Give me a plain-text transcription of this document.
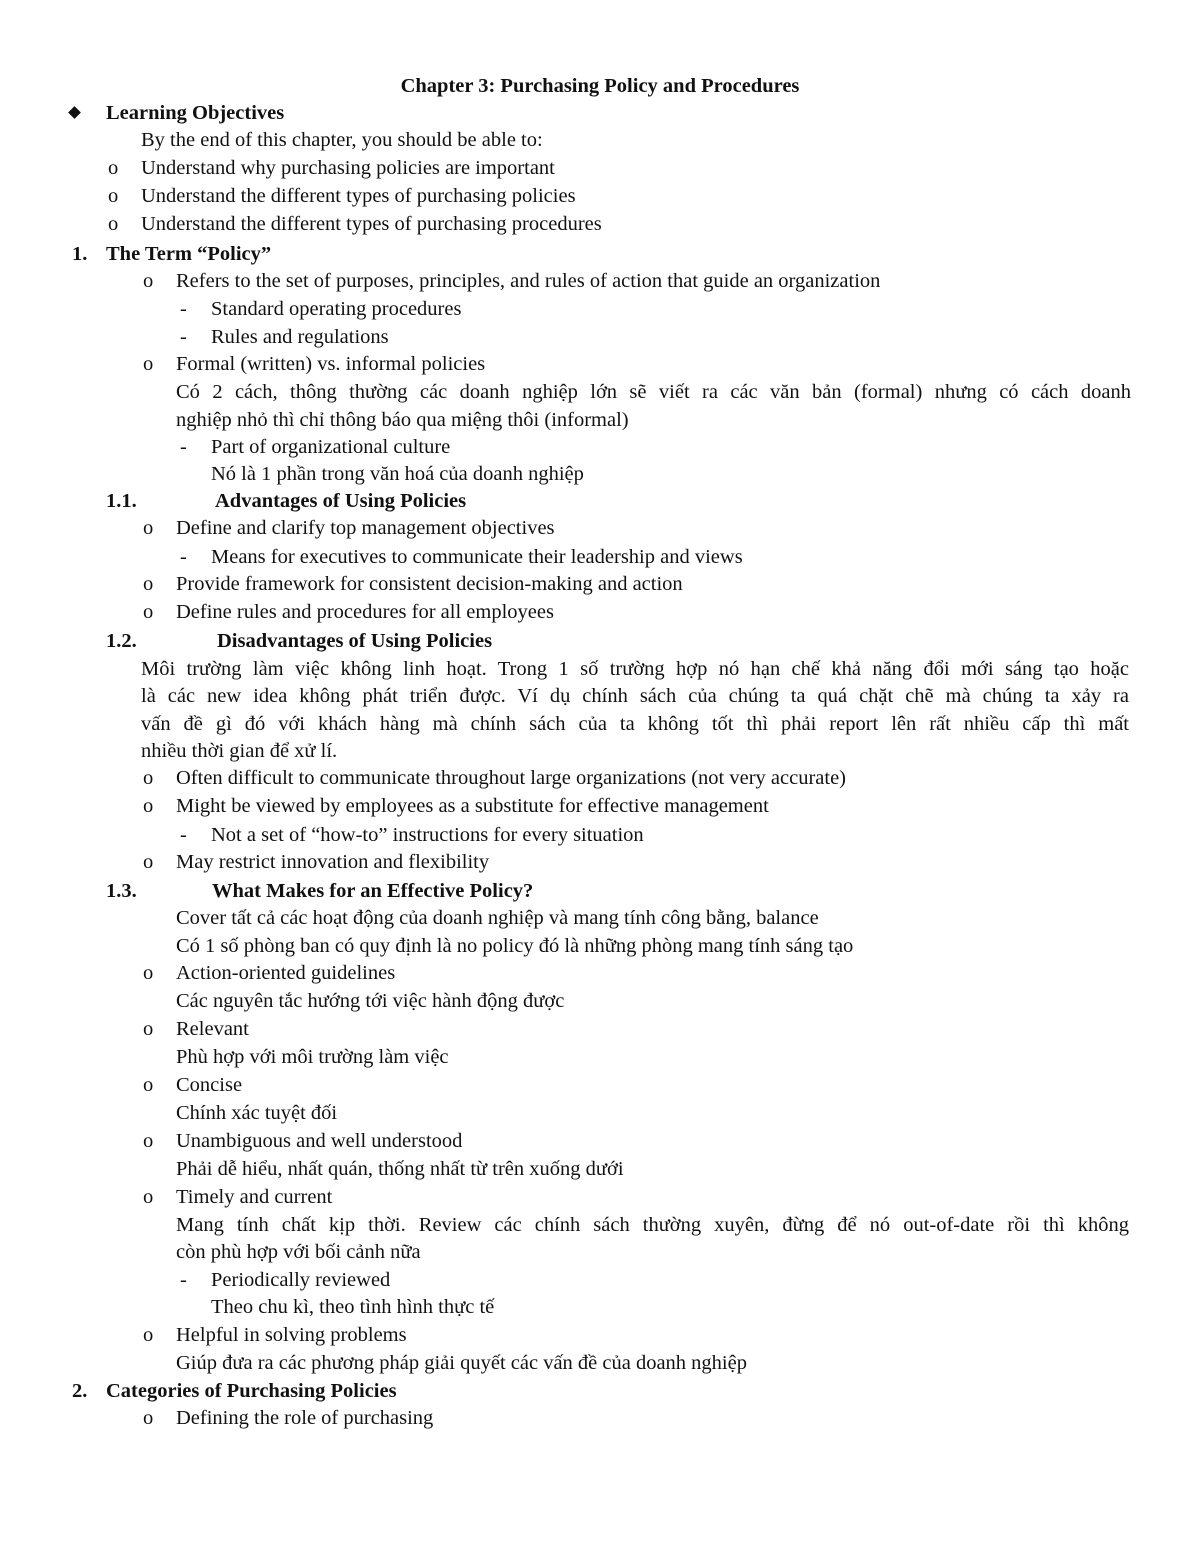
Chapter 3: Purchasing Policy and Procedures
Learning Objectives
By the end of this chapter, you should be able to:
o Understand why purchasing policies are important
o Understand the different types of purchasing policies
o Understand the different types of purchasing procedures
1. The Term “Policy”
o Refers to the set of purposes, principles, and rules of action that guide an organization
- Standard operating procedures
- Rules and regulations
o Formal (written) vs. informal policies
Có 2 cách, thông thường các doanh nghiệp lớn sẽ viết ra các văn bản (formal) nhưng có cách doanh
nghiệp nhỏ thì chỉ thông báo qua miệng thôi (informal)
- Part of organizational culture
Nó là 1 phần trong văn hoá của doanh nghiệp
1.1.	Advantages of Using Policies
o Define and clarify top management objectives
- Means for executives to communicate their leadership and views
o Provide framework for consistent decision-making and action
o Define rules and procedures for all employees
1.2.	Disadvantages of Using Policies
Môi trường làm việc không linh hoạt. Trong 1 số trường hợp nó hạn chế khả năng đổi mới sáng tạo hoặc
là các new idea không phát triển được. Ví dụ chính sách của chúng ta quá chặt chẽ mà chúng ta xảy ra
vấn đề gì đó với khách hàng mà chính sách của ta không tốt thì phải report lên rất nhiều cấp thì mất
nhiều thời gian để xử lí.
o Often difficult to communicate throughout large organizations (not very accurate)
o Might be viewed by employees as a substitute for effective management
- Not a set of “how-to” instructions for every situation
o May restrict innovation and flexibility
1.3.	What Makes for an Effective Policy?
Cover tất cả các hoạt động của doanh nghiệp và mang tính công bằng, balance
Có 1 số phòng ban có quy định là no policy đó là những phòng mang tính sáng tạo
o Action-oriented guidelines
Các nguyên tắc hướng tới việc hành động được
o Relevant
Phù hợp với môi trường làm việc
o Concise
Chính xác tuyệt đối
o Unambiguous and well understood
Phải dễ hiểu, nhất quán, thống nhất từ trên xuống dưới
o Timely and current
Mang tính chất kịp thời. Review các chính sách thường xuyên, đừng để nó out-of-date rồi thì không
còn phù hợp với bối cảnh nữa
- Periodically reviewed
Theo chu kì, theo tình hình thực tế
o Helpful in solving problems
Giúp đưa ra các phương pháp giải quyết các vấn đề của doanh nghiệp
2. Categories of Purchasing Policies
o Defining the role of purchasing
